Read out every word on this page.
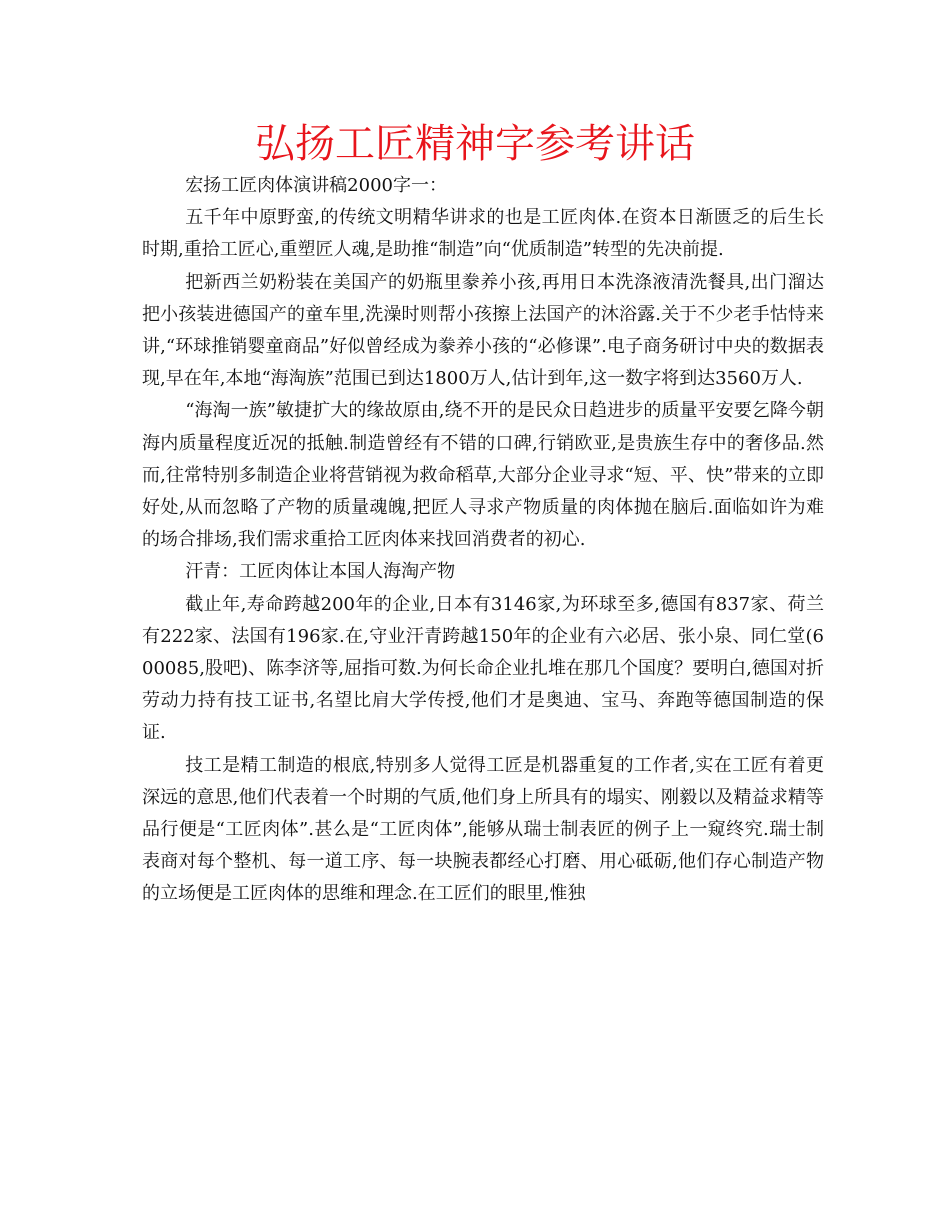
弘扬工匠精神字参考讲话

宏扬工匠肉体演讲稿2000字一：

五千年中原野蛮,的传统文明精华讲求的也是工匠肉体.在资本日渐匮乏的后生长时期,重拾工匠心,重塑匠人魂,是助推“制造”向“优质制造”转型的先决前提.

把新西兰奶粉装在美国产的奶瓶里豢养小孩,再用日本洗涤液清洗餐具,出门溜达把小孩装进德国产的童车里,洗澡时则帮小孩擦上法国产的沐浴露.关于不少老手怙恃来讲,“环球推销婴童商品”好似曾经成为豢养小孩的“必修课”.电子商务研讨中央的数据表现,早在年,本地“海淘族”范围已到达1800万人,估计到年,这一数字将到达3560万人.

“海淘一族”敏捷扩大的缘故原由,绕不开的是民众日趋进步的质量平安要乞降今朝海内质量程度近况的抵触.制造曾经有不错的口碑,行销欧亚,是贵族生存中的奢侈品.然而,往常特别多制造企业将营销视为救命稻草,大部分企业寻求“短、平、快”带来的立即好处,从而忽略了产物的质量魂魄,把匠人寻求产物质量的肉体抛在脑后.面临如许为难的场合排场,我们需求重拾工匠肉体来找回消费者的初心.

汗青：工匠肉体让本国人海淘产物

截止年,寿命跨越200年的企业,日本有3146家,为环球至多,德国有837家、荷兰有222家、法国有196家.在,守业汗青跨越150年的企业有六必居、张小泉、同仁堂(600085,股吧)、陈李济等,屈指可数.为何长命企业扎堆在那几个国度？要明白,德国对折劳动力持有技工证书,名望比肩大学传授,他们才是奥迪、宝马、奔跑等德国制造的保证.

技工是精工制造的根底,特别多人觉得工匠是机器重复的工作者,实在工匠有着更深远的意思,他们代表着一个时期的气质,他们身上所具有的塌实、刚毅以及精益求精等品行便是“工匠肉体”.甚么是“工匠肉体”,能够从瑞士制表匠的例子上一窥终究.瑞士制表商对每个整机、每一道工序、每一块腕表都经心打磨、用心砥砺,他们存心制造产物的立场便是工匠肉体的思维和理念.在工匠们的眼里,惟独
